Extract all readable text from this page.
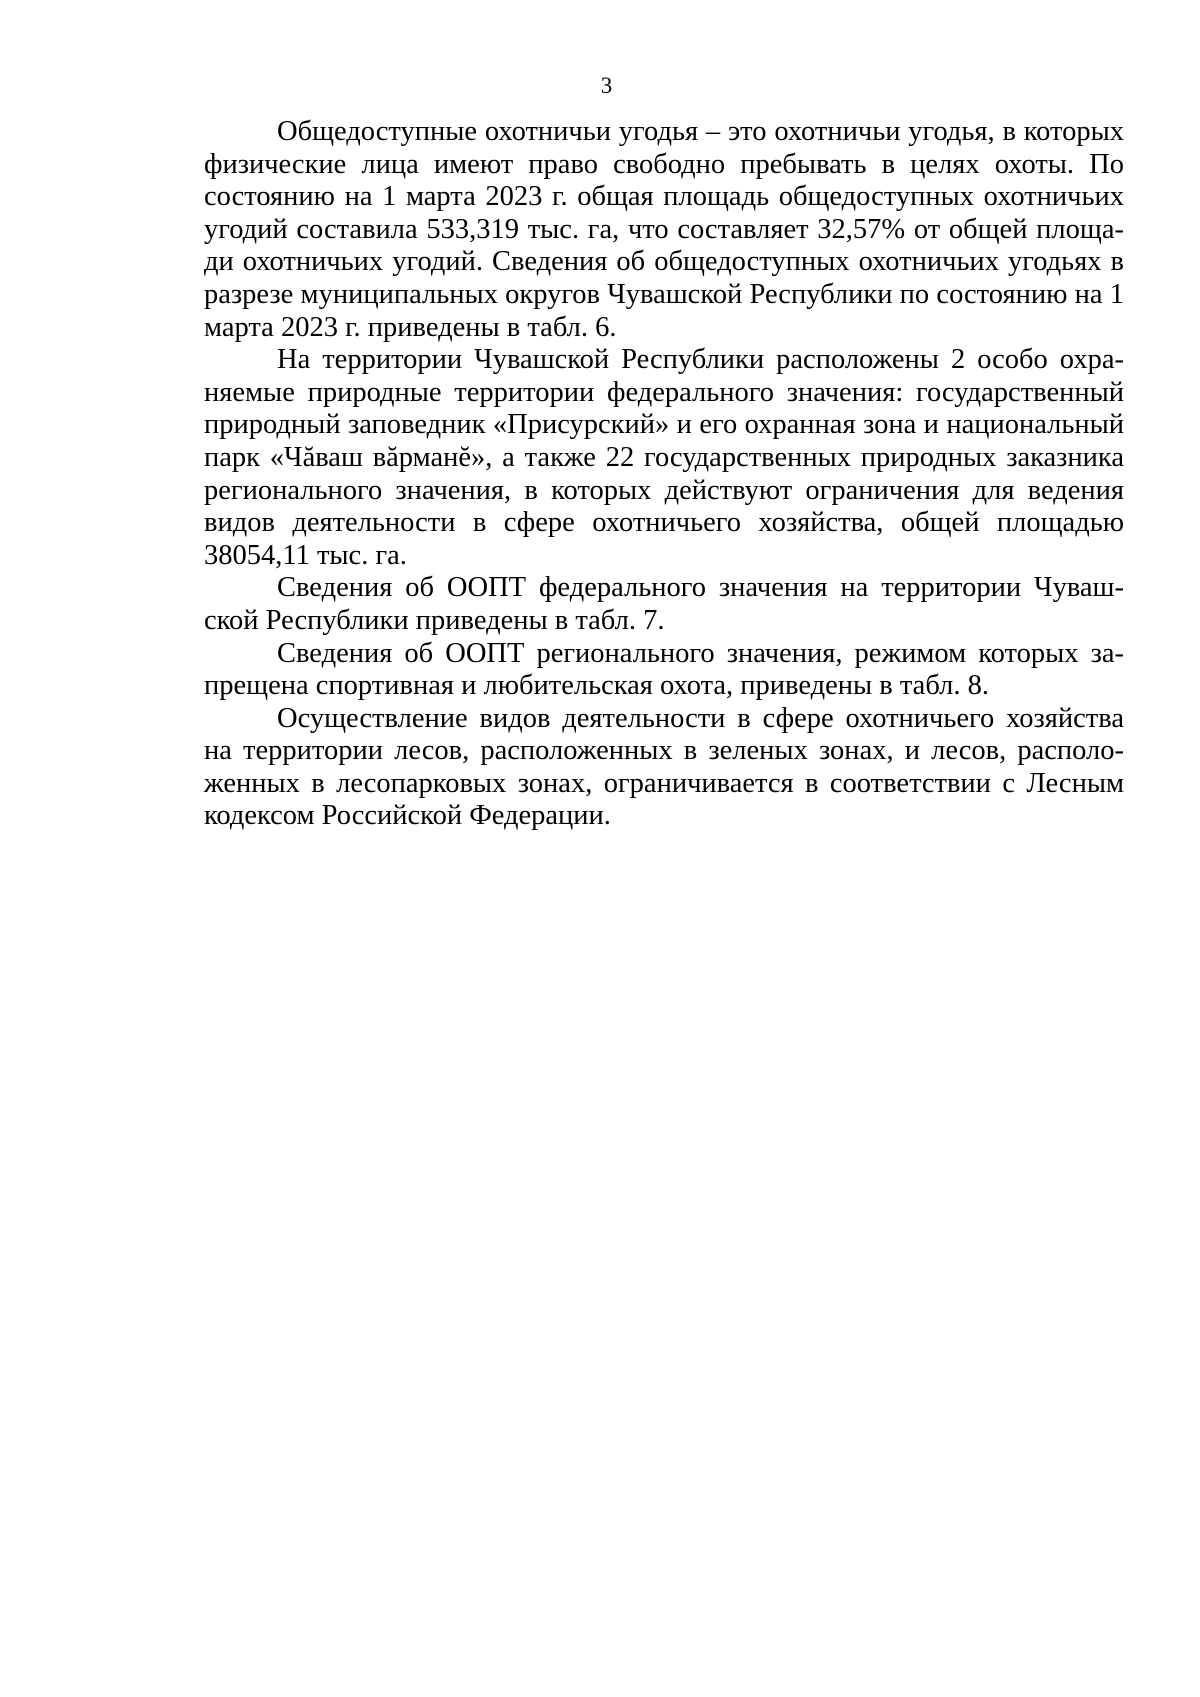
3

Общедоступные охотничьи угодья – это охотничьи угодья, в которых физические лица имеют право свободно пребывать в целях охоты. По состоянию на 1 марта 2023 г. общая площадь общедоступных охотничьих угодий составила 533,319 тыс. га, что составляет 32,57% от общей площади охотничьих угодий. Сведения об общедоступных охотничьих угодьях в разрезе муниципальных округов Чувашской Республики по состоянию на 1 марта 2023 г. приведены в табл. 6.

На территории Чувашской Республики расположены 2 особо охраняемые природные территории федерального значения: государственный природный заповедник «Присурский» и его охранная зона и национальный парк «Чăваш вăрманĕ», а также 22 государственных природных заказника регионального значения, в которых действуют ограничения для ведения видов деятельности в сфере охотничьего хозяйства, общей площадью 38054,11 тыс. га.

Сведения об ООПТ федерального значения на территории Чувашской Республики приведены в табл. 7.

Сведения об ООПТ регионального значения, режимом которых запрещена спортивная и любительская охота, приведены в табл. 8.

Осуществление видов деятельности в сфере охотничьего хозяйства на территории лесов, расположенных в зеленых зонах, и лесов, расположенных в лесопарковых зонах, ограничивается в соответствии с Лесным кодексом Российской Федерации.
